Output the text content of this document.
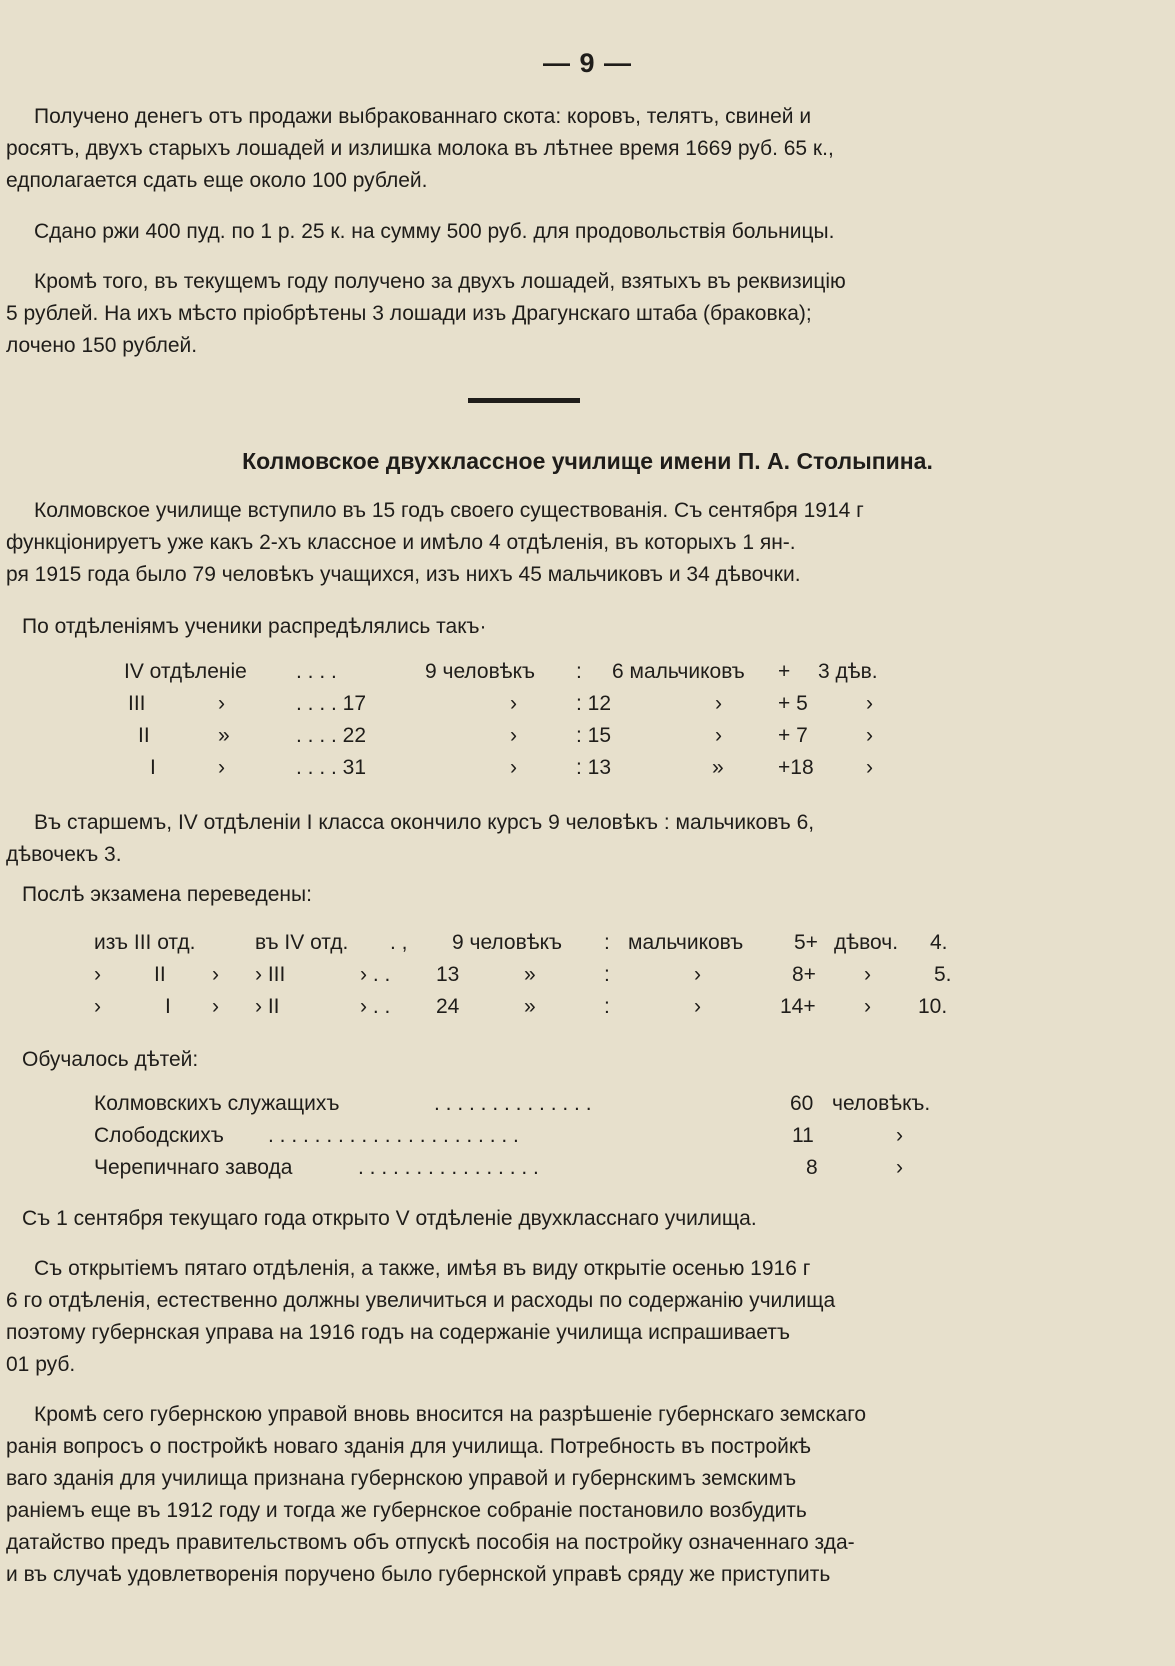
— 9 —
Получено денегъ отъ продажи выбракованнаго скота: коровъ, телятъ, свиней и
росятъ, двухъ старыхъ лошадей и излишка молока въ лѣтнее время 1669 руб. 65 к.,
едполагается сдать еще около 100 рублей.
Сдано ржи 400 пуд. по 1 р. 25 к. на сумму 500 руб. для продовольствія больницы.
Кромѣ того, въ текущемъ году получено за двухъ лошадей, взятыхъ въ реквизицію
5 рублей. На ихъ мѣсто пріобрѣтены 3 лошади изъ Драгунскаго штаба (браковка);
лочено 150 рублей.
Колмовское двухклассное училище имени П. А. Столыпина.
Колмовское училище вступило въ 15 годъ своего существованія. Съ сентября 1914 г
функціонируетъ уже какъ 2-хъ классное и имѣло 4 отдѣленія, въ которыхъ 1 ян-.
ря 1915 года было 79 человѣкъ учащихся, изъ нихъ 45 мальчиковъ и 34 дѣвочки.
По отдѣленіямъ ученики распредѣлялись такъ·
IV отдѣленіе . . . .	9 человѣкъ : 6 мальчиковъ + 3 дѣв.
III	›	. . . . 17	›	: 12	›	+ 5	›
II	»	. . . . 22	›	: 15	›	+ 7	›
I	›	. . . . 31	›	: 13	»	+18 ›
Въ старшемъ, IV отдѣленіи I класса окончило курсъ 9 человѣкъ : мальчиковъ 6,
дѣвочекъ 3.
Послѣ экзамена переведены:
изъ III отд.	въ IV отд. . , 9 человѣкъ : мальчиковъ 5+ дѣвоч. 4.
›	II › › III	› . . 13	»	:	›	8+ ›	5.
›	I › › II	› . . 24	»	:	›	14+ › 10.
Обучалось дѣтей:
Колмовскихъ служащихъ	. . . . . . . . . . . . . .	60 человѣкъ.
Слободскихъ . . . . . . . . . . . . . . . . . . . . . .	11	›
Черепичнаго завода	. . . . . . . . . . . . . . . .	8	›
Съ 1 сентября текущаго года открыто V отдѣленіе двухкласснаго училища.
Съ открытіемъ пятаго отдѣленія, а также, имѣя въ виду открытіе осенью 1916 г
6 го отдѣленія, естественно должны увеличиться и расходы по содержанію училища
поэтому губернская управа на 1916 годъ на содержаніе училища испрашиваетъ
01 руб.
Кромѣ сего губернскою управой вновь вносится на разрѣшеніе губернскаго земскаго
ранія вопросъ о постройкѣ новаго зданія для училища. Потребность въ постройкѣ
ваго зданія для училища признана губернскою управой и губернскимъ земскимъ
раніемъ еще въ 1912 году и тогда же губернское собраніе постановило возбудить
датайство предъ правительствомъ объ отпускѣ пособія на постройку означеннаго зда-
и въ случаѣ удовлетворенія поручено было губернской управѣ сряду же приступить
